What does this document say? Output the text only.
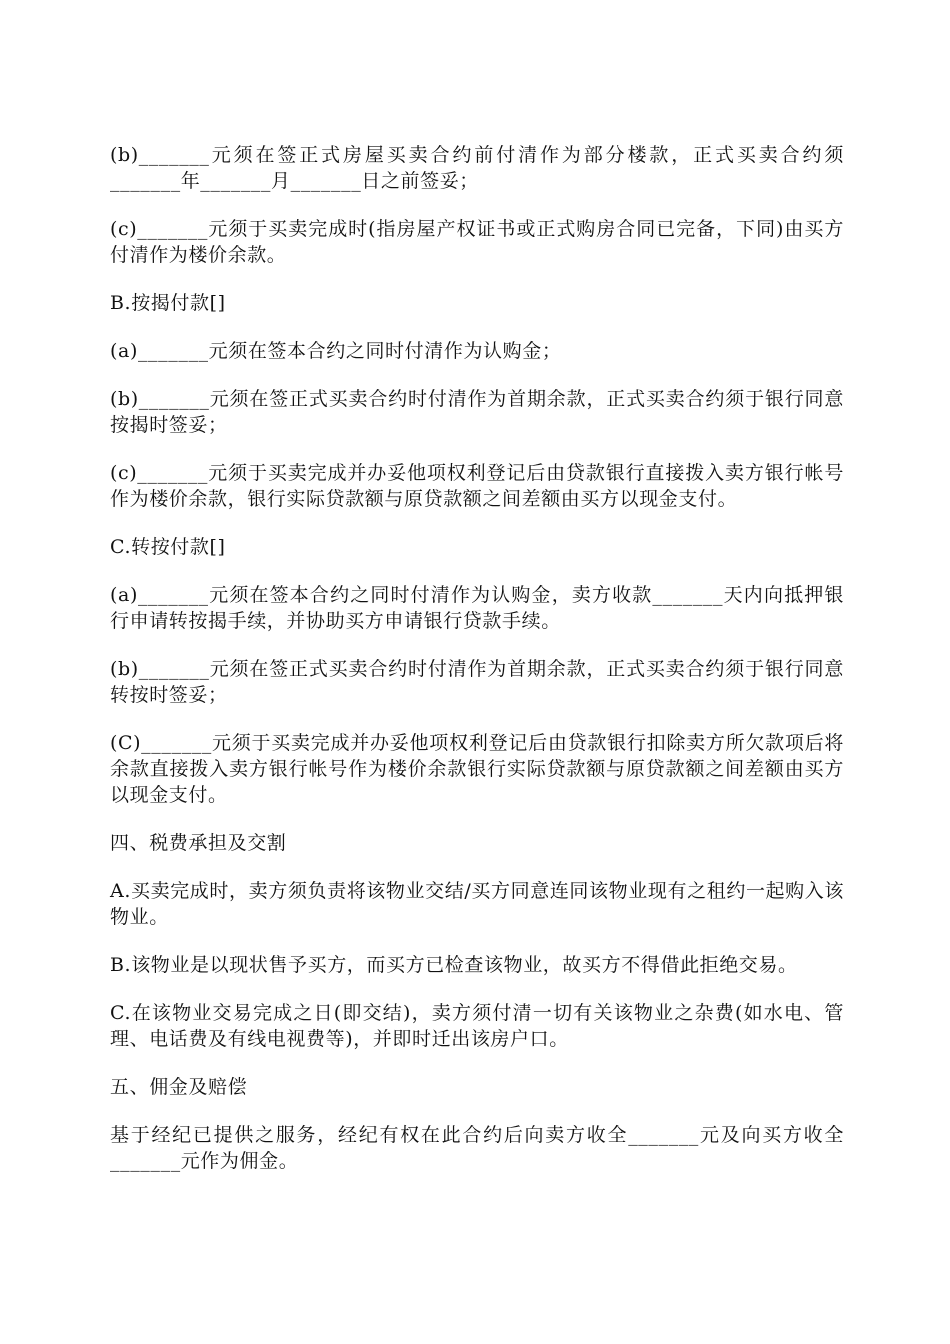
(b)_______元须在签正式房屋买卖合约前付清作为部分楼款，正式买卖合约须_______年_______月_______日之前签妥；

(c)_______元须于买卖完成时(指房屋产权证书或正式购房合同已完备，下同)由买方付清作为楼价余款。

B.按揭付款[]

(a)_______元须在签本合约之同时付清作为认购金；

(b)_______元须在签正式买卖合约时付清作为首期余款，正式买卖合约须于银行同意按揭时签妥；

(c)_______元须于买卖完成并办妥他项权利登记后由贷款银行直接拨入卖方银行帐号作为楼价余款，银行实际贷款额与原贷款额之间差额由买方以现金支付。

C.转按付款[]

(a)_______元须在签本合约之同时付清作为认购金，卖方收款_______天内向抵押银行申请转按揭手续，并协助买方申请银行贷款手续。

(b)_______元须在签正式买卖合约时付清作为首期余款，正式买卖合约须于银行同意转按时签妥；

(C)_______元须于买卖完成并办妥他项权利登记后由贷款银行扣除卖方所欠款项后将余款直接拨入卖方银行帐号作为楼价余款银行实际贷款额与原贷款额之间差额由买方以现金支付。

四、税费承担及交割

A.买卖完成时，卖方须负责将该物业交结/买方同意连同该物业现有之租约一起购入该物业。

B.该物业是以现状售予买方，而买方已检查该物业，故买方不得借此拒绝交易。

C.在该物业交易完成之日(即交结)，卖方须付清一切有关该物业之杂费(如水电、管理、电话费及有线电视费等)，并即时迁出该房户口。

五、佣金及赔偿

基于经纪已提供之服务，经纪有权在此合约后向卖方收全_______元及向买方收全_______元作为佣金。
